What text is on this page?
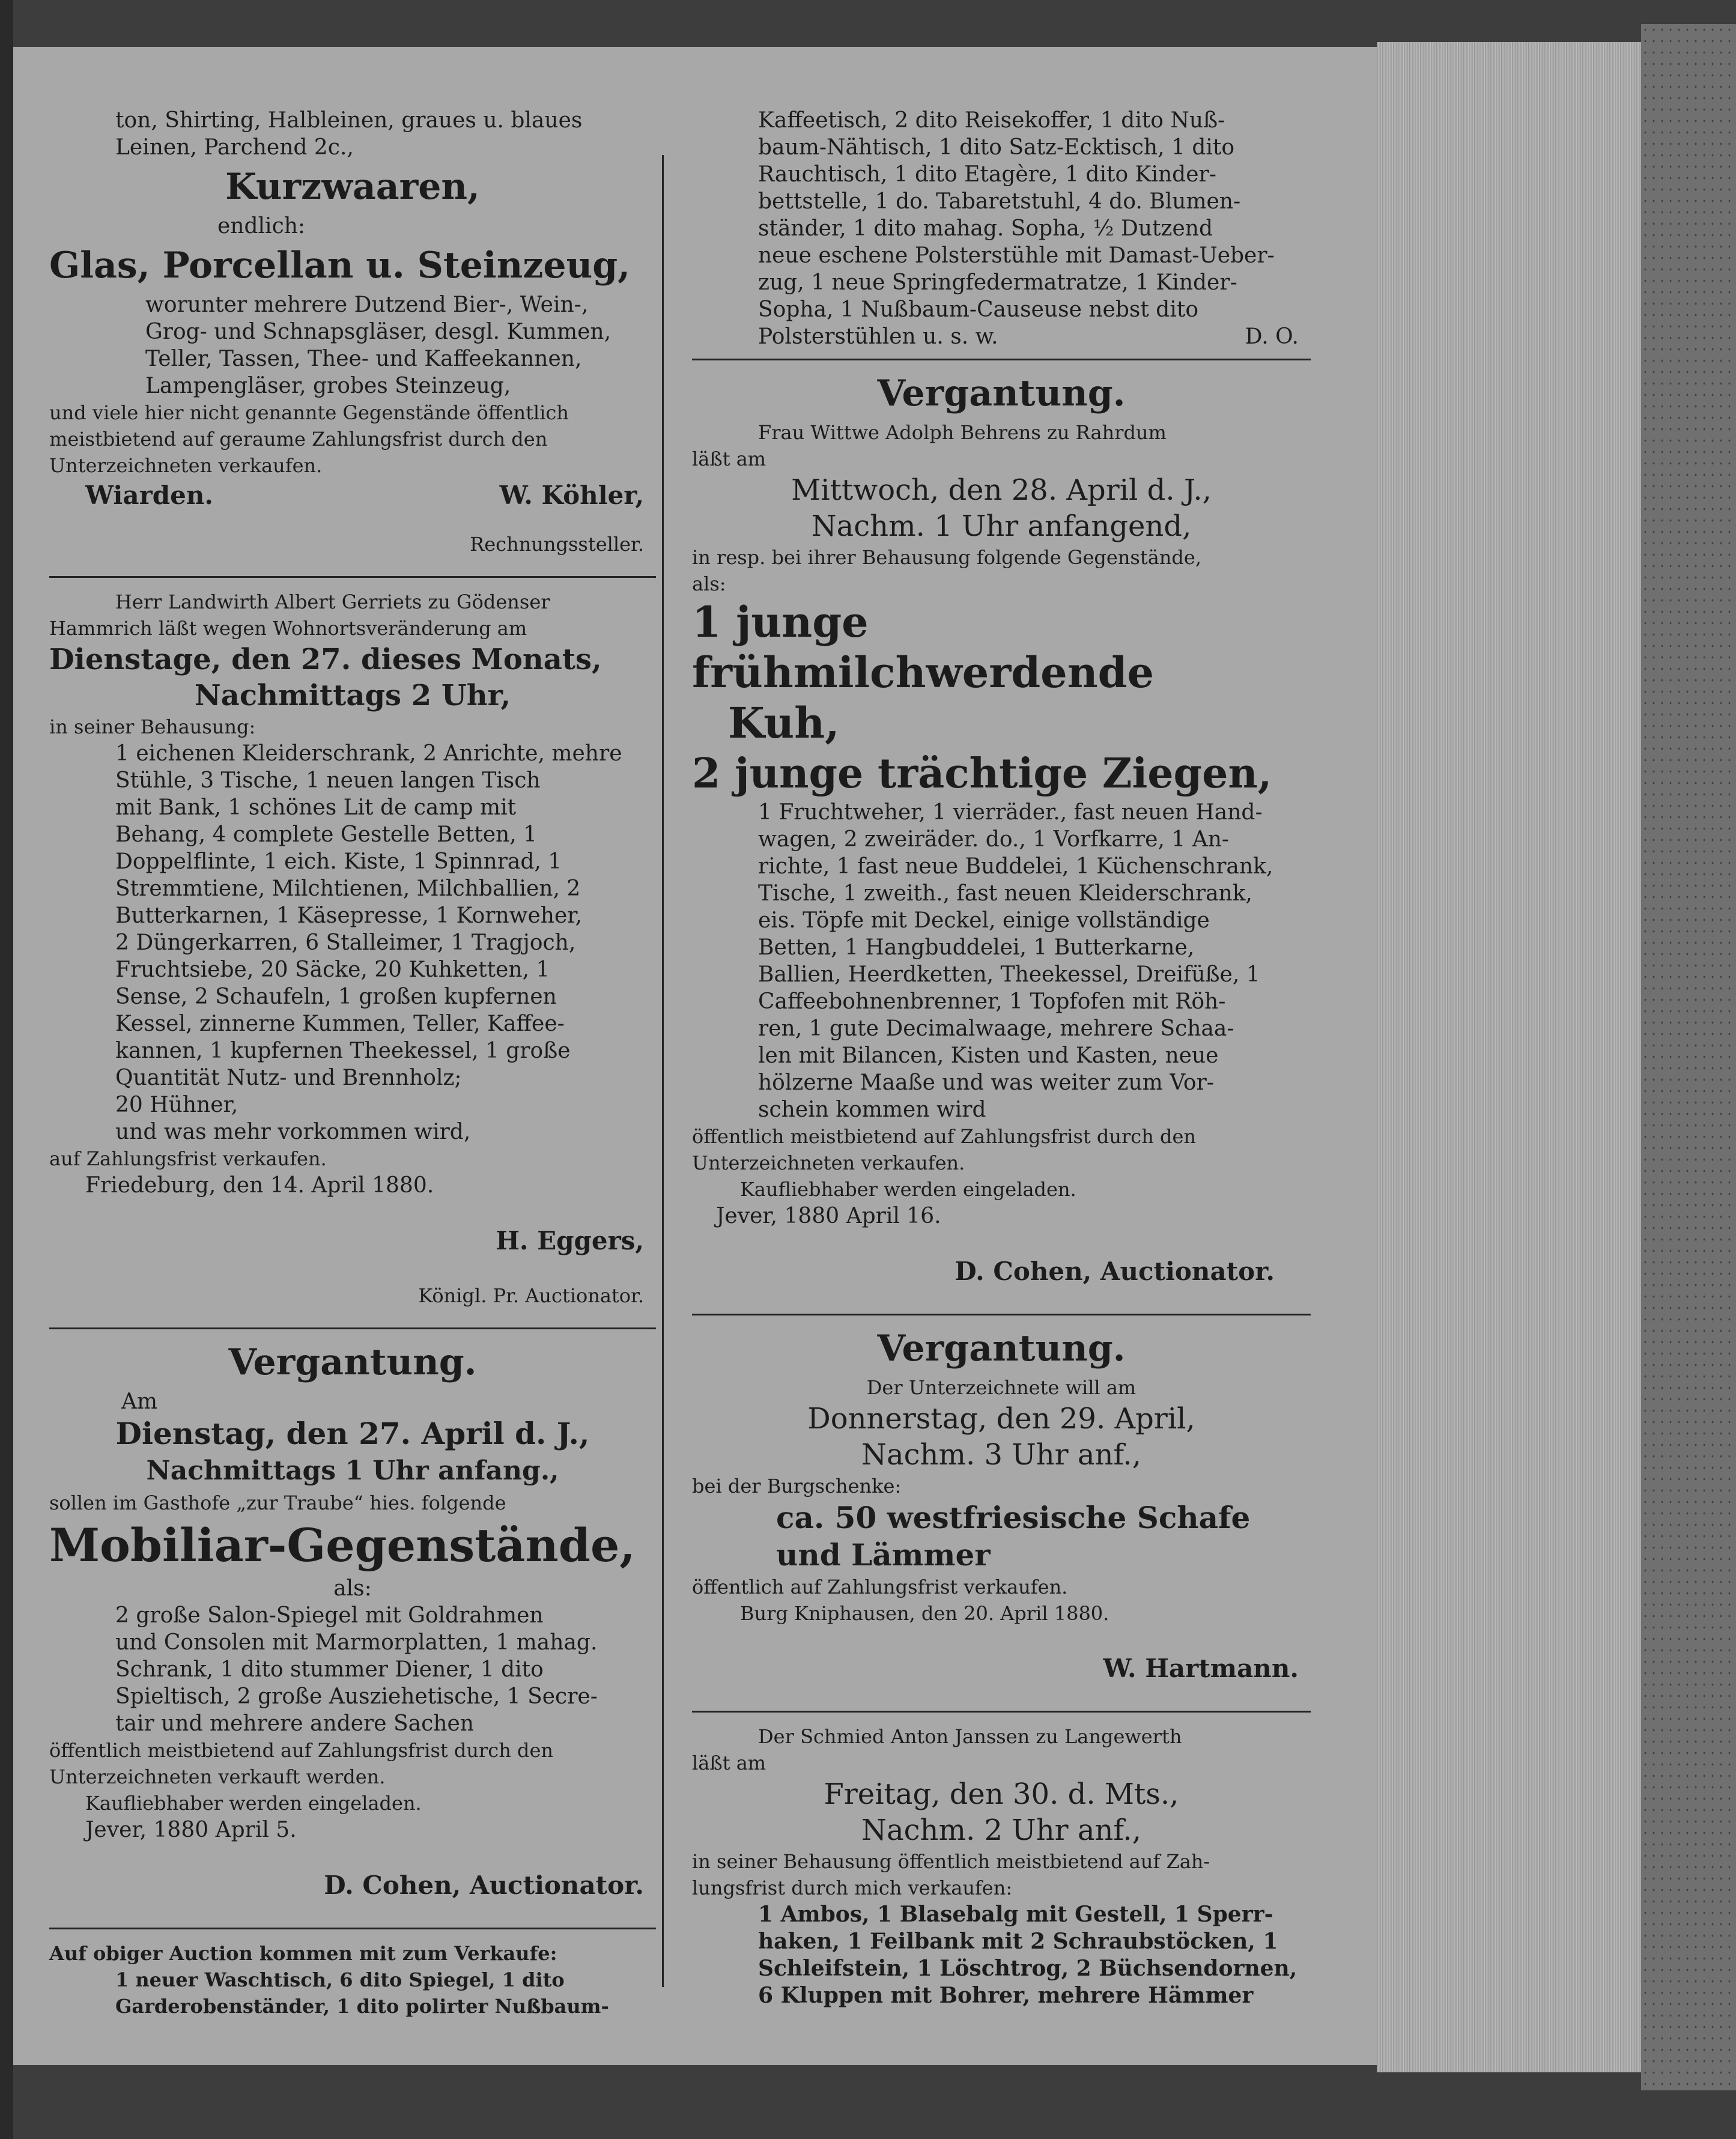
ton, Shirting, Halbleinen, graues u. blaues

Leinen, Parchend 2c.,

Kurzwaaren,

endlich:

Glas, Porcellan u. Steinzeug,

worunter mehrere Dutzend Bier-, Wein-,

Grog- und Schnapsgläser, desgl. Kummen,

Teller, Tassen, Thee- und Kaffeekannen,

Lampengläser, grobes Steinzeug,

und viele hier nicht genannte Gegenstände öffentlich

meistbietend auf geraume Zahlungsfrist durch den

Unterzeichneten verkaufen.

Wiarden.	W. Köhler,

Rechnungssteller.

Herr Landwirth Albert Gerriets zu Gödenser

Hammrich läßt wegen Wohnortsveränderung am

Dienstage, den 27. dieses Monats,

Nachmittags 2 Uhr,

in seiner Behausung:

1 eichenen Kleiderschrank, 2 Anrichte, mehre

Stühle, 3 Tische, 1 neuen langen Tisch

mit Bank, 1 schönes Lit de camp mit

Behang, 4 complete Gestelle Betten, 1

Doppelflinte, 1 eich. Kiste, 1 Spinnrad, 1

Stremmtiene, Milchtienen, Milchballien, 2

Butterkarnen, 1 Käsepresse, 1 Kornweher,

2 Düngerkarren, 6 Stalleimer, 1 Tragjoch,

Fruchtsiebe, 20 Säcke, 20 Kuhketten, 1

Sense, 2 Schaufeln, 1 großen kupfernen

Kessel, zinnerne Kummen, Teller, Kaffee-

kannen, 1 kupfernen Theekessel, 1 große

Quantität Nutz- und Brennholz;

20 Hühner,

und was mehr vorkommen wird,

auf Zahlungsfrist verkaufen.

Friedeburg, den 14. April 1880.

H. Eggers,

Königl. Pr. Auctionator.

Vergantung.

Am

Dienstag, den 27. April d. J.,

Nachmittags 1 Uhr anfang.,

sollen im Gasthofe „zur Traube“ hies. folgende

Mobiliar-Gegenstände,

als:

2 große Salon-Spiegel mit Goldrahmen

und Consolen mit Marmorplatten, 1 mahag.

Schrank, 1 dito stummer Diener, 1 dito

Spieltisch, 2 große Ausziehetische, 1 Secre-

tair und mehrere andere Sachen

öffentlich meistbietend auf Zahlungsfrist durch den

Unterzeichneten verkauft werden.

Kaufliebhaber werden eingeladen.

Jever, 1880 April 5.

D. Cohen, Auctionator.

Auf obiger Auction kommen mit zum Verkaufe:

1 neuer Waschtisch, 6 dito Spiegel, 1 dito

Garderobenständer, 1 dito polirter Nußbaum-

Kaffeetisch, 2 dito Reisekoffer, 1 dito Nuß-

baum-Nähtisch, 1 dito Satz-Ecktisch, 1 dito

Rauchtisch, 1 dito Etagère, 1 dito Kinder-

bettstelle, 1 do. Tabaretstuhl, 4 do. Blumen-

ständer, 1 dito mahag. Sopha, ½ Dutzend

neue eschene Polsterstühle mit Damast-Ueber-

zug, 1 neue Springfedermatratze, 1 Kinder-

Sopha, 1 Nußbaum-Causeuse nebst dito

Polsterstühlen u. s. w.	D. O.

Vergantung.

Frau Wittwe Adolph Behrens zu Rahrdum

läßt am

Mittwoch, den 28. April d. J.,

Nachm. 1 Uhr anfangend,

in resp. bei ihrer Behausung folgende Gegenstände,

als:

1 junge frühmilchwerdende

Kuh,

2 junge trächtige Ziegen,

1 Fruchtweher, 1 vierräder., fast neuen Hand-

wagen, 2 zweiräder. do., 1 Vorfkarre, 1 An-

richte, 1 fast neue Buddelei, 1 Küchenschrank,

Tische, 1 zweith., fast neuen Kleiderschrank,

eis. Töpfe mit Deckel, einige vollständige

Betten, 1 Hangbuddelei, 1 Butterkarne,

Ballien, Heerdketten, Theekessel, Dreifüße, 1

Caffeebohnenbrenner, 1 Topfofen mit Röh-

ren, 1 gute Decimalwaage, mehrere Schaa-

len mit Bilancen, Kisten und Kasten, neue

hölzerne Maaße und was weiter zum Vor-

schein kommen wird

öffentlich meistbietend auf Zahlungsfrist durch den

Unterzeichneten verkaufen.

Kaufliebhaber werden eingeladen.

Jever, 1880 April 16.

D. Cohen, Auctionator.

Vergantung.

Der Unterzeichnete will am

Donnerstag, den 29. April,

Nachm. 3 Uhr anf.,

bei der Burgschenke:

ca. 50 westfriesische Schafe

und Lämmer

öffentlich auf Zahlungsfrist verkaufen.

Burg Kniphausen, den 20. April 1880.

W. Hartmann.

Der Schmied Anton Janssen zu Langewerth

läßt am

Freitag, den 30. d. Mts.,

Nachm. 2 Uhr anf.,

in seiner Behausung öffentlich meistbietend auf Zah-

lungsfrist durch mich verkaufen:

1 Ambos, 1 Blasebalg mit Gestell, 1 Sperr-

haken, 1 Feilbank mit 2 Schraubstöcken, 1

Schleifstein, 1 Löschtrog, 2 Büchsendornen,

6 Kluppen mit Bohrer, mehrere Hämmer
